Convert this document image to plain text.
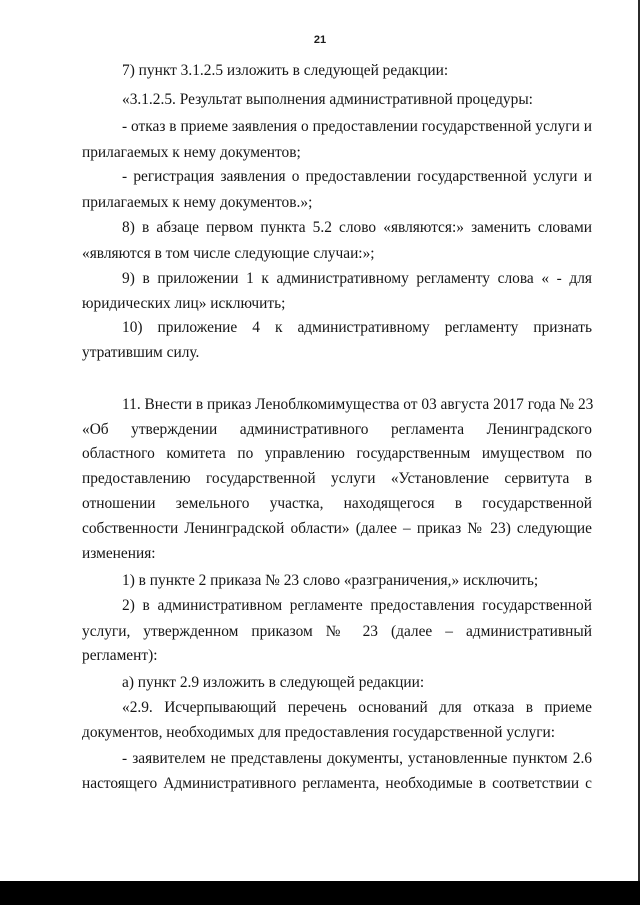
21
7) пункт 3.1.2.5 изложить в следующей редакции:
«3.1.2.5. Результат выполнения административной процедуры:
- отказ в приеме заявления о предоставлении государственной услуги и
прилагаемых к нему документов;
- регистрация заявления о предоставлении государственной услуги и
прилагаемых к нему документов.»;
8) в абзаце первом пункта 5.2 слово «являются:» заменить словами
«являются в том числе следующие случаи:»;
9) в приложении 1 к административному регламенту слова « - для
юридических лиц» исключить;
10) приложение 4 к административному регламенту признать
утратившим силу.
11. Внести в приказ Леноблкомимущества от 03 августа 2017 года № 23
«Об утверждении административного регламента Ленинградского
областного комитета по управлению государственным имуществом по
предоставлению государственной услуги «Установление сервитута в
отношении земельного участка, находящегося в государственной
собственности Ленинградской области» (далее – приказ № 23) следующие
изменения:
1) в пункте 2 приказа № 23 слово «разграничения,» исключить;
2) в административном регламенте предоставления государственной
услуги, утвержденном приказом № 23 (далее – административный
регламент):
а) пункт 2.9 изложить в следующей редакции:
«2.9. Исчерпывающий перечень оснований для отказа в приеме
документов, необходимых для предоставления государственной услуги:
- заявителем не представлены документы, установленные пунктом 2.6
настоящего Административного регламента, необходимые в соответствии с
